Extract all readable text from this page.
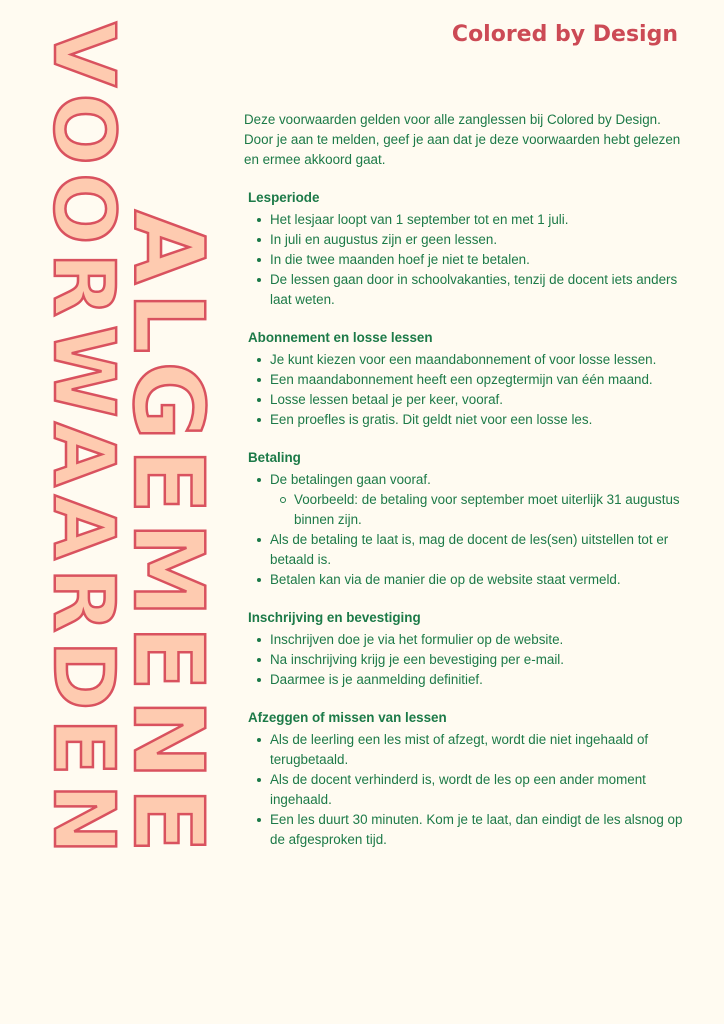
Colored by Design
VOORWAARDEN
ALGEMENE

Deze voorwaarden gelden voor alle zanglessen bij Colored by Design. Door je aan te melden, geef je aan dat je deze voorwaarden hebt gelezen en ermee akkoord gaat.

Lesperiode
Het lesjaar loopt van 1 september tot en met 1 juli.
In juli en augustus zijn er geen lessen.
In die twee maanden hoef je niet te betalen.
De lessen gaan door in schoolvakanties, tenzij de docent iets anders laat weten.
Abonnement en losse lessen
Je kunt kiezen voor een maandabonnement of voor losse lessen.
Een maandabonnement heeft een opzegtermijn van één maand.
Losse lessen betaal je per keer, vooraf.
Een proefles is gratis. Dit geldt niet voor een losse les.
Betaling
De betalingen gaan vooraf.
Voorbeeld: de betaling voor september moet uiterlijk 31 augustus binnen zijn.
Als de betaling te laat is, mag de docent de les(sen) uitstellen tot er betaald is.
Betalen kan via de manier die op de website staat vermeld.
Inschrijving en bevestiging
Inschrijven doe je via het formulier op de website.
Na inschrijving krijg je een bevestiging per e-mail.
Daarmee is je aanmelding definitief.
Afzeggen of missen van lessen
Als de leerling een les mist of afzegt, wordt die niet ingehaald of terugbetaald.
Als de docent verhinderd is, wordt de les op een ander moment ingehaald.
Een les duurt 30 minuten. Kom je te laat, dan eindigt de les alsnog op de afgesproken tijd.
